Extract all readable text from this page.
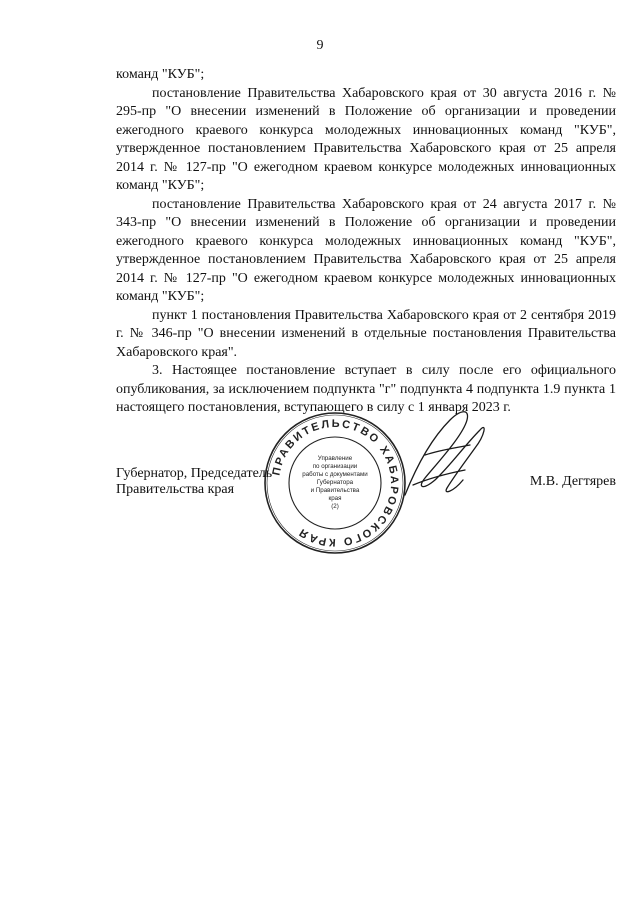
9

команд "КУБ";

постановление Правительства Хабаровского края от 30 августа 2016 г. № 295-пр "О внесении изменений в Положение об организации и проведении ежегодного краевого конкурса молодежных инновационных команд "КУБ", утвержденное постановлением Правительства Хабаровского края от 25 апреля 2014 г. № 127-пр "О ежегодном краевом конкурсе молодежных инновационных команд "КУБ";

постановление Правительства Хабаровского края от 24 августа 2017 г. № 343-пр "О внесении изменений в Положение об организации и проведении ежегодного краевого конкурса молодежных инновационных команд "КУБ", утвержденное постановлением Правительства Хабаровского края от 25 апреля 2014 г. № 127-пр "О ежегодном краевом конкурсе молодежных инновационных команд "КУБ";

пункт 1 постановления Правительства Хабаровского края от 2 сентября 2019 г. № 346-пр "О внесении изменений в отдельные постановления Правительства Хабаровского края".

3. Настоящее постановление вступает в силу после его официального опубликования, за исключением подпункта "г" подпункта 4 подпункта 1.9 пункта 1 настоящего постановления, вступающего в силу с 1 января 2023 г.

Губернатор, Председатель
Правительства края
ПРАВИТЕЛЬСТВО ХАБАРОВСКОГО КРАЯ
Управление
по организации
работы с документами
Губернатора
и Правительства
края
(2)
М.В. Дегтярев
